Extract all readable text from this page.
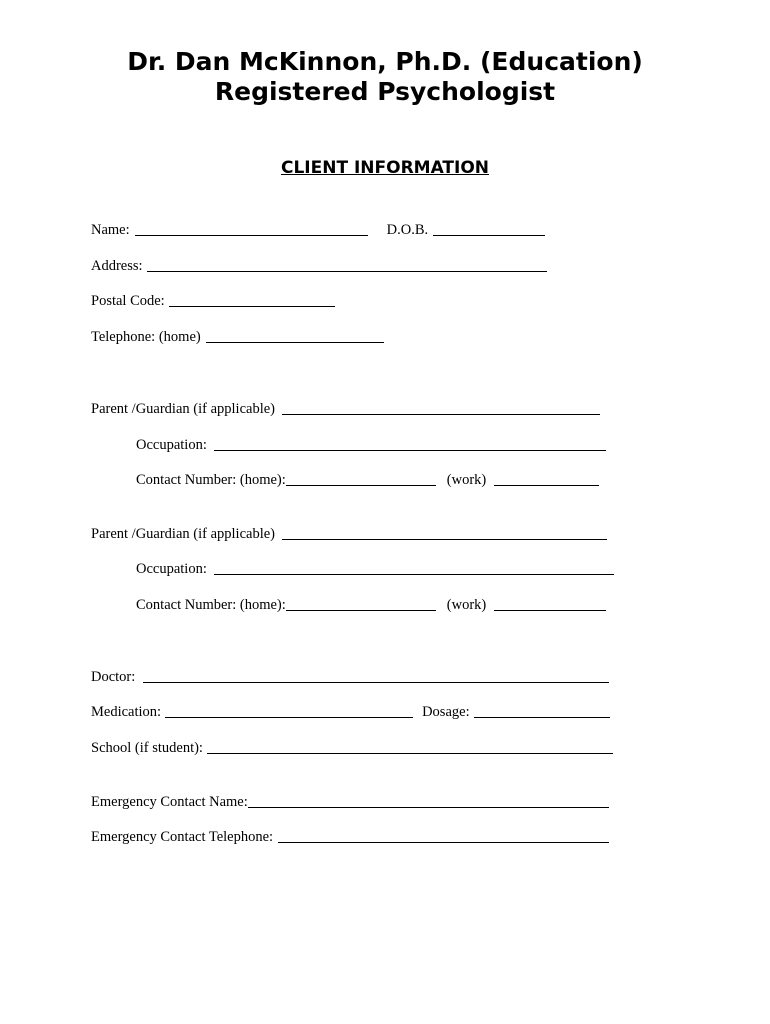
Dr. Dan McKinnon, Ph.D. (Education)
Registered Psychologist
CLIENT INFORMATION
Name:	D.O.B.
Address:
Postal Code:
Telephone: (home)
Parent /Guardian (if applicable)
Occupation:
Contact Number: (home):	(work)
Parent /Guardian (if applicable)
Occupation:
Contact Number: (home):	(work)
Doctor:
Medication:	Dosage:
School (if student):
Emergency Contact Name:
Emergency Contact Telephone:
